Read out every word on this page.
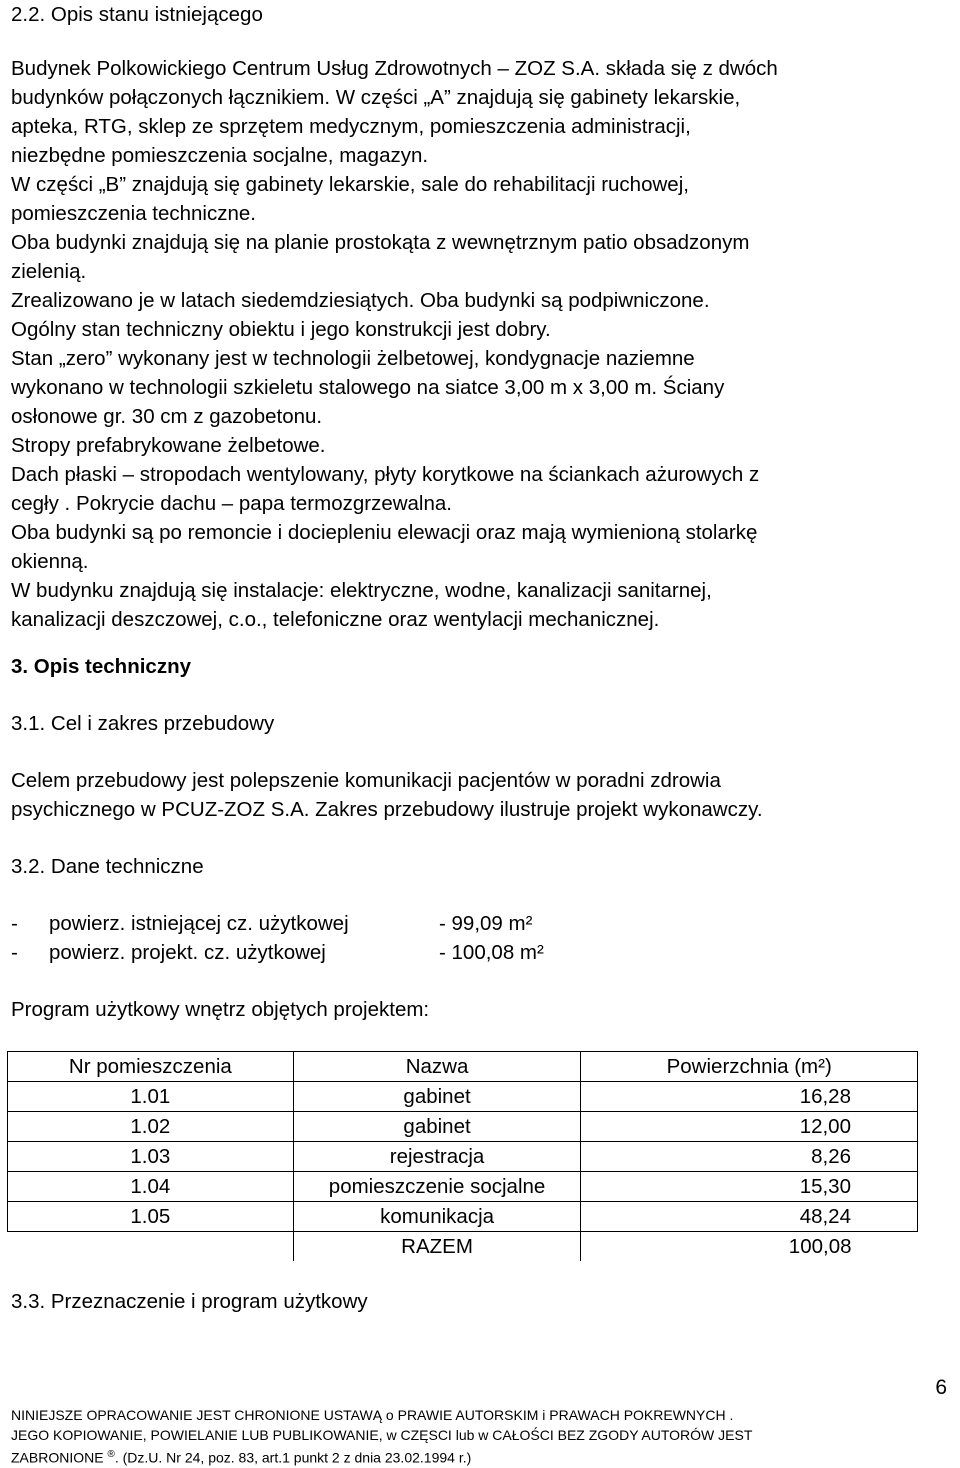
2.2. Opis stanu istniejącego
Budynek Polkowickiego Centrum Usług Zdrowotnych – ZOZ S.A. składa się z dwóch
budynków połączonych łącznikiem. W części „A” znajdują się gabinety lekarskie,
apteka, RTG, sklep ze sprzętem medycznym, pomieszczenia administracji,
niezbędne pomieszczenia socjalne, magazyn.
W części „B” znajdują się gabinety lekarskie, sale do rehabilitacji ruchowej,
pomieszczenia techniczne.
Oba budynki znajdują się na planie prostokąta z wewnętrznym patio obsadzonym
zielenią.
Zrealizowano je w latach siedemdziesiątych. Oba budynki są podpiwniczone.
Ogólny stan techniczny obiektu i jego konstrukcji jest dobry.
Stan „zero” wykonany jest w technologii żelbetowej, kondygnacje naziemne
wykonano w technologii szkieletu stalowego na siatce 3,00 m x 3,00 m. Ściany
osłonowe gr. 30 cm z gazobetonu.
Stropy prefabrykowane żelbetowe.
Dach płaski – stropodach wentylowany, płyty korytkowe na ściankach ażurowych z
cegły . Pokrycie dachu – papa termozgrzewalna.
Oba budynki są po remoncie i dociepleniu elewacji oraz mają wymienioną stolarkę
okienną.
W budynku znajdują się instalacje: elektryczne, wodne, kanalizacji sanitarnej,
kanalizacji deszczowej, c.o., telefoniczne oraz wentylacji mechanicznej.
3. Opis techniczny
3.1. Cel i zakres przebudowy
Celem przebudowy jest polepszenie komunikacji pacjentów w poradni zdrowia
psychicznego w PCUZ-ZOZ S.A. Zakres przebudowy ilustruje projekt wykonawczy.
3.2. Dane techniczne
-	powierz. istniejącej cz. użytkowej	- 99,09 m²
-	powierz. projekt. cz. użytkowej	- 100,08 m²
Program użytkowy wnętrz objętych projektem:
3.3. Przeznaczenie i program użytkowy
Nr pomieszczenia	Nazwa	Powierzchnia (m²)
1.01	gabinet	16,28
1.02	gabinet	12,00
1.03	rejestracja	8,26
1.04	pomieszczenie socjalne	15,30
1.05	komunikacja	48,24
	RAZEM	100,08
6
NINIEJSZE OPRACOWANIE JEST CHRONIONE USTAWĄ o PRAWIE AUTORSKIM i PRAWACH POKREWNYCH .
JEGO KOPIOWANIE, POWIELANIE LUB PUBLIKOWANIE, w CZĘSCI lub w CAŁOŚCI BEZ ZGODY AUTORÓW JEST
ZABRONIONE ®. (Dz.U. Nr 24, poz. 83, art.1 punkt 2 z dnia 23.02.1994 r.)
